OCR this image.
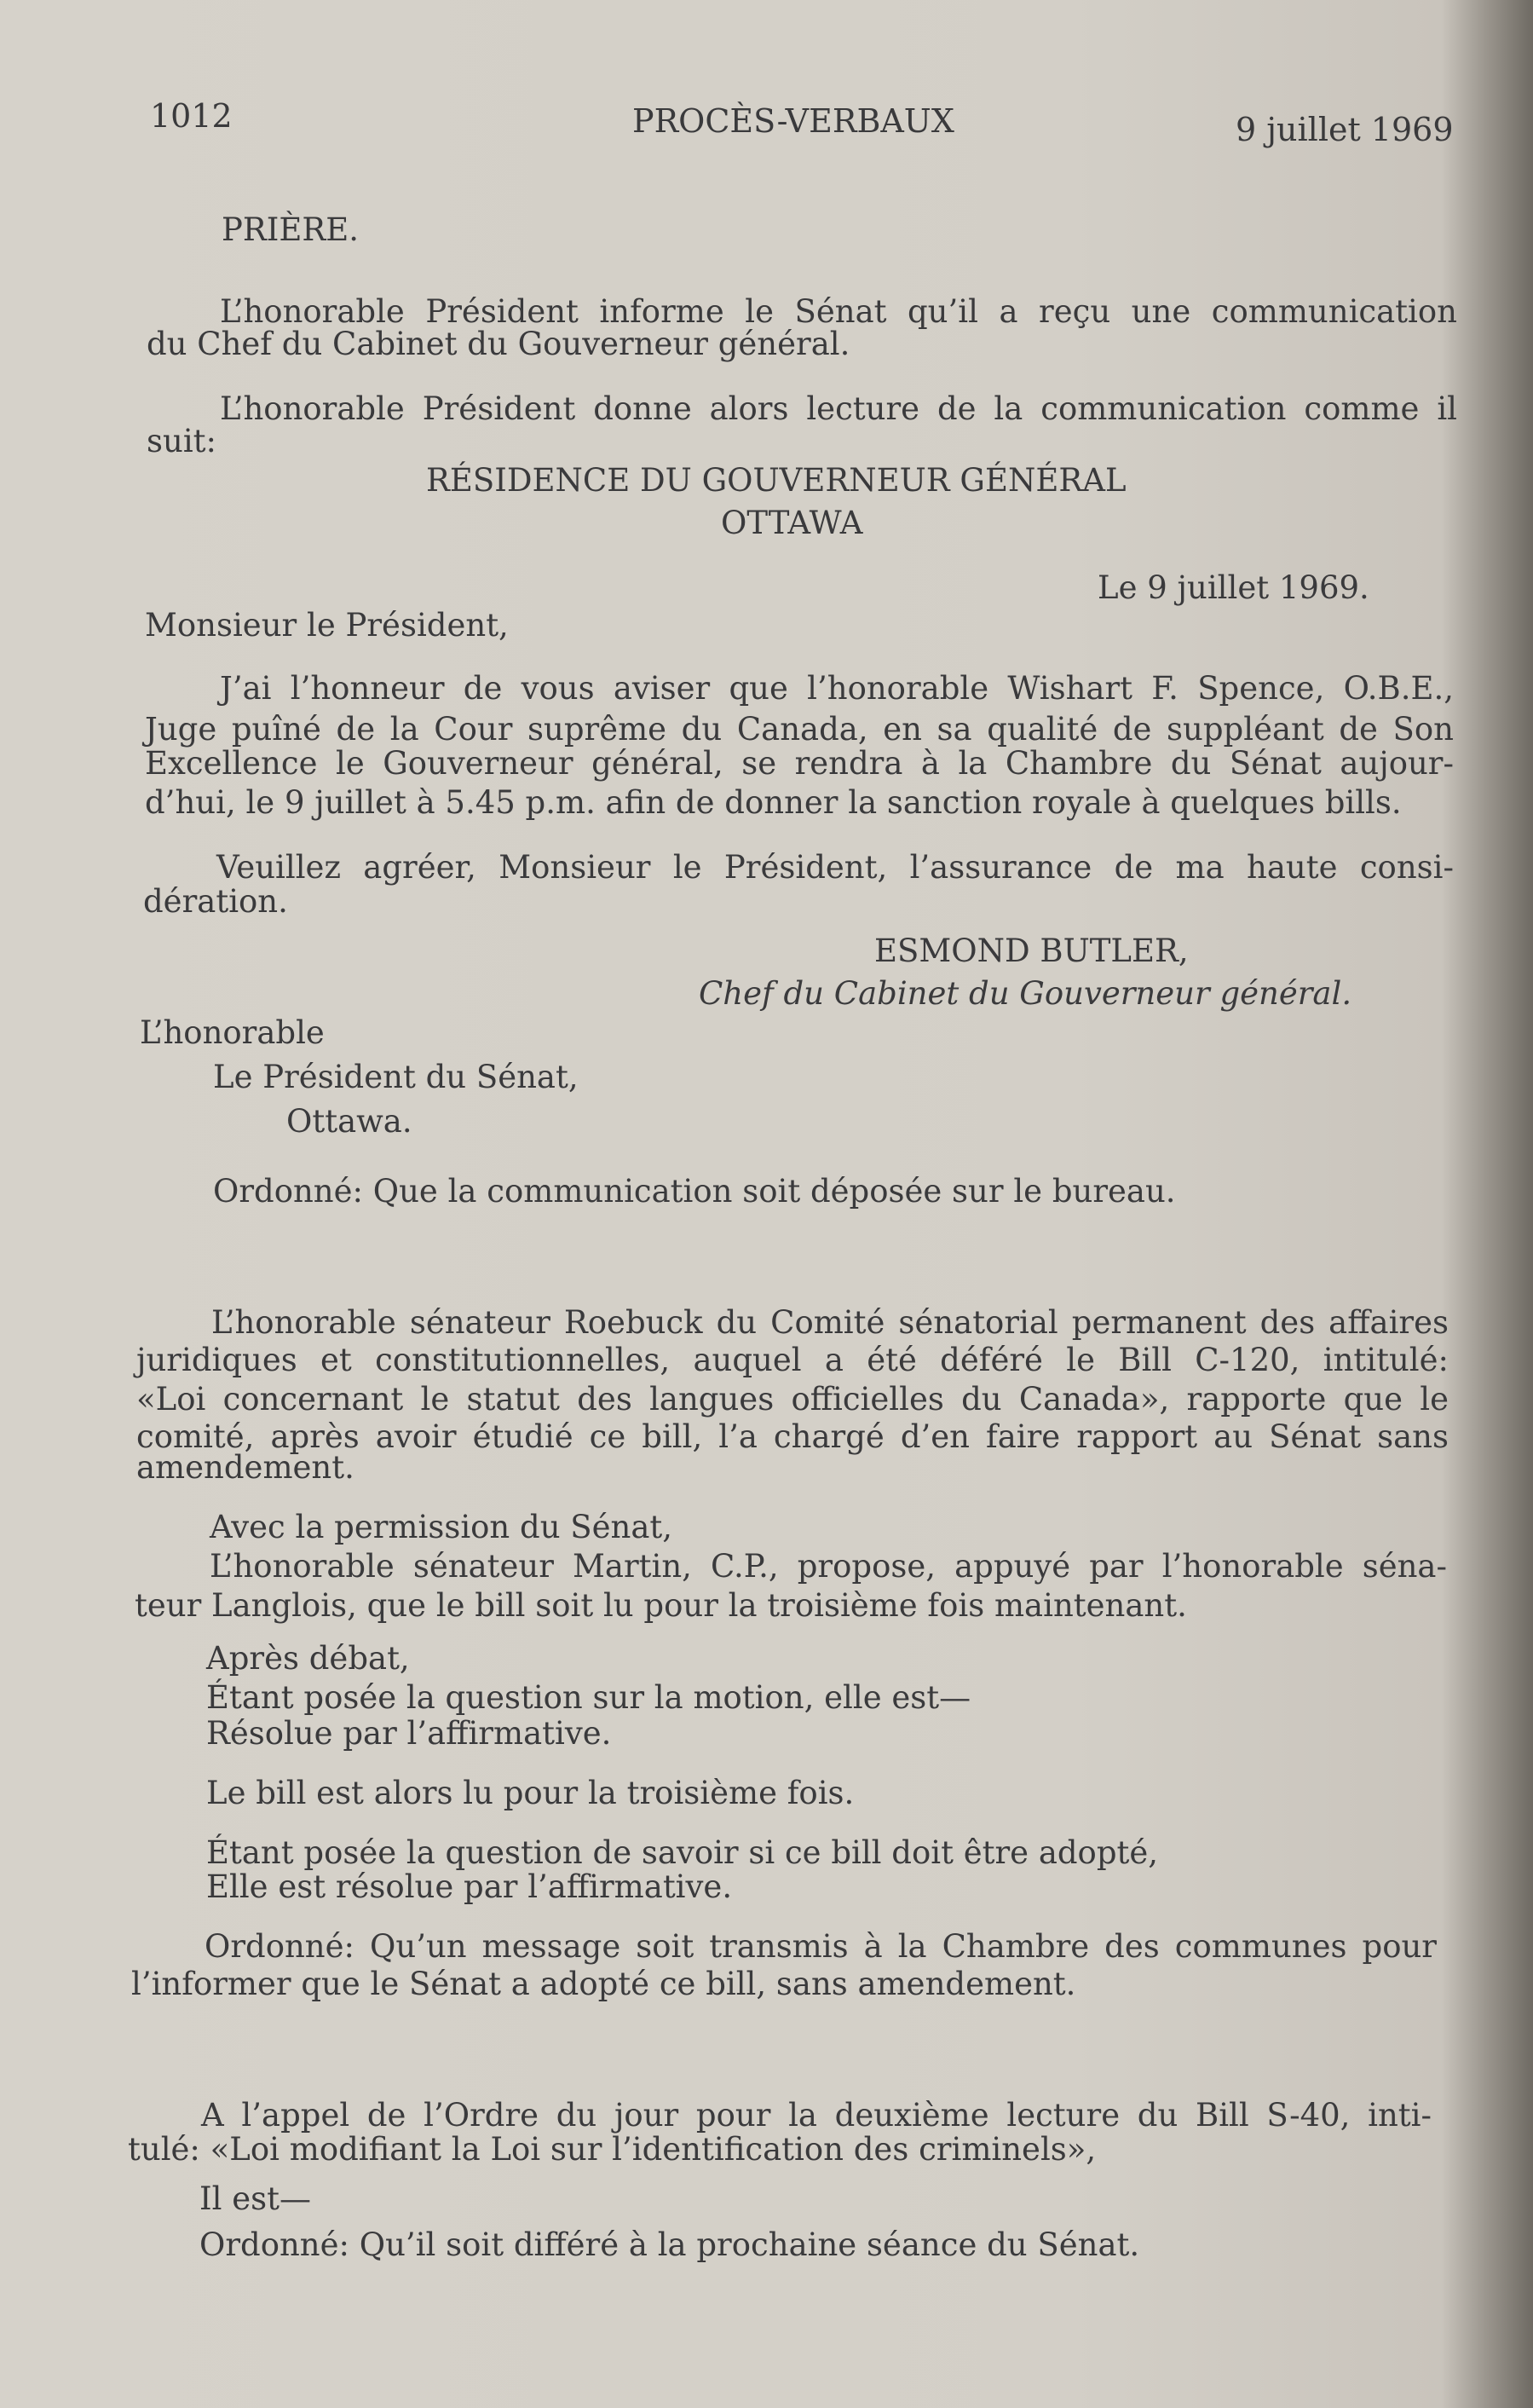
1012	PROCÈS-VERBAUX	9 juillet 1969
PRIÈRE.
L’honorable Président informe le Sénat qu’il a reçu une communication
du Chef du Cabinet du Gouverneur général.
L’honorable Président donne alors lecture de la communication comme il
suit:
RÉSIDENCE DU GOUVERNEUR GÉNÉRAL
OTTAWA
Le 9 juillet 1969.
Monsieur le Président,
J’ai l’honneur de vous aviser que l’honorable Wishart F. Spence, O.B.E.,
Juge puîné de la Cour suprême du Canada, en sa qualité de suppléant de Son
Excellence le Gouverneur général, se rendra à la Chambre du Sénat aujour-
d’hui, le 9 juillet à 5.45 p.m. afin de donner la sanction royale à quelques bills.
Veuillez agréer, Monsieur le Président, l’assurance de ma haute consi-
dération.
ESMOND BUTLER,
Chef du Cabinet du Gouverneur général.
L’honorable
Le Président du Sénat,
Ottawa.
Ordonné: Que la communication soit déposée sur le bureau.
L’honorable sénateur Roebuck du Comité sénatorial permanent des affaires
juridiques et constitutionnelles, auquel a été déféré le Bill C-120, intitulé:
«Loi concernant le statut des langues officielles du Canada», rapporte que le
comité, après avoir étudié ce bill, l’a chargé d’en faire rapport au Sénat sans
amendement.
Avec la permission du Sénat,
L’honorable sénateur Martin, C.P., propose, appuyé par l’honorable séna-
teur Langlois, que le bill soit lu pour la troisième fois maintenant.
Après débat,
Étant posée la question sur la motion, elle est—
Résolue par l’affirmative.
Le bill est alors lu pour la troisième fois.
Étant posée la question de savoir si ce bill doit être adopté,
Elle est résolue par l’affirmative.
Ordonné: Qu’un message soit transmis à la Chambre des communes pour
l’informer que le Sénat a adopté ce bill, sans amendement.
A l’appel de l’Ordre du jour pour la deuxième lecture du Bill S-40, inti-
tulé: «Loi modifiant la Loi sur l’identification des criminels»,
Il est—
Ordonné: Qu’il soit différé à la prochaine séance du Sénat.
